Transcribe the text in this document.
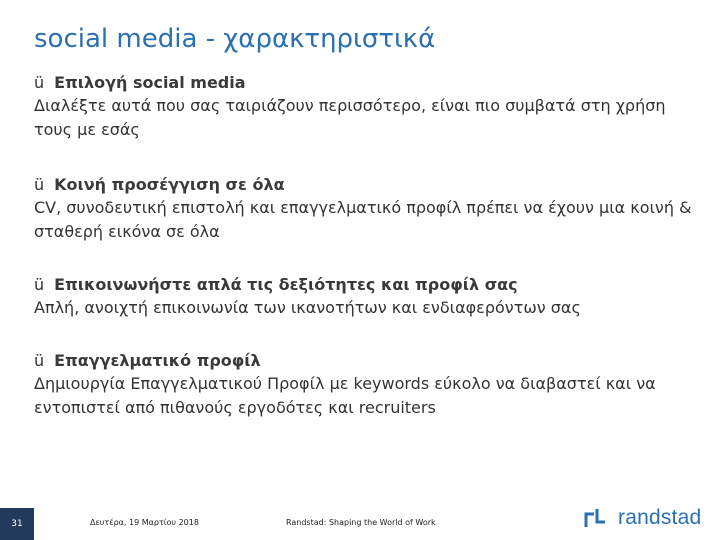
social media - χαρακτηριστικά
ü Επιλογή social media
Διαλέξτε αυτά που σας ταιριάζουν περισσότερο, είναι πιο συμβατά στη χρήση τους με εσάς
ü Κοινή προσέγγιση σε όλα
CV, συνοδευτική επιστολή και επαγγελματικό προφίλ πρέπει να έχουν μια κοινή & σταθερή εικόνα σε όλα
ü Επικοινωνήστε απλά τις δεξιότητες και προφίλ σας
Απλή, ανοιχτή επικοινωνία των ικανοτήτων και ενδιαφερόντων σας
ü Επαγγελματικό προφίλ
Δημιουργία Επαγγελματικού Προφίλ με keywords εύκολο να διαβαστεί και να εντοπιστεί από πιθανούς εργοδότες και recruiters
31	Δευτέρα, 19 Μαρτίου 2018	Randstad: Shaping the World of Work	randstad
